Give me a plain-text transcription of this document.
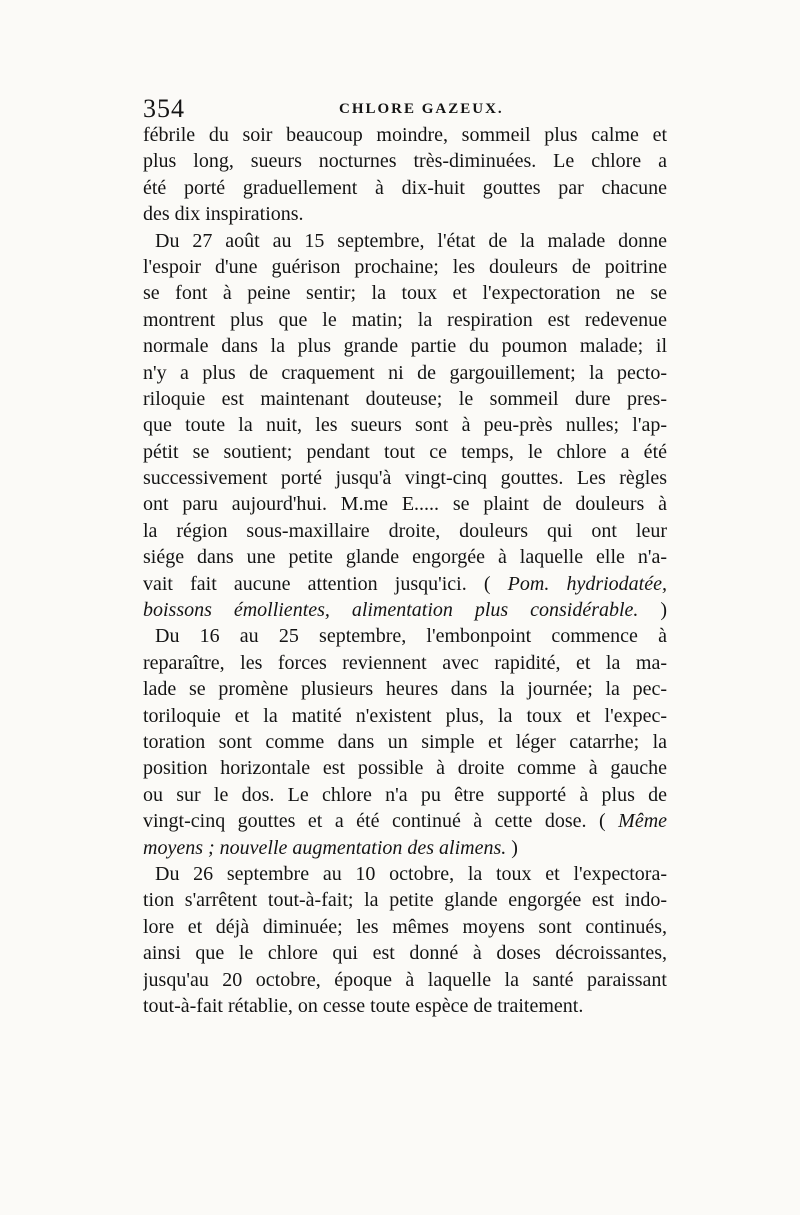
354	CHLORE GAZEUX.
fébrile du soir beaucoup moindre, sommeil plus calme et
plus long, sueurs nocturnes très-diminuées. Le chlore a
été porté graduellement à dix-huit gouttes par chacune
des dix inspirations.
Du 27 août au 15 septembre, l'état de la malade donne
l'espoir d'une guérison prochaine; les douleurs de poitrine
se font à peine sentir; la toux et l'expectoration ne se
montrent plus que le matin; la respiration est redevenue
normale dans la plus grande partie du poumon malade; il
n'y a plus de craquement ni de gargouillement; la pecto-
riloquie est maintenant douteuse; le sommeil dure pres-
que toute la nuit, les sueurs sont à peu-près nulles; l'ap-
pétit se soutient; pendant tout ce temps, le chlore a été
successivement porté jusqu'à vingt-cinq gouttes. Les règles
ont paru aujourd'hui. M.me E..... se plaint de douleurs à
la région sous-maxillaire droite, douleurs qui ont leur
siége dans une petite glande engorgée à laquelle elle n'a-
vait fait aucune attention jusqu'ici. ( Pom. hydriodatée,
boissons émollientes, alimentation plus considérable. )
Du 16 au 25 septembre, l'embonpoint commence à
reparaître, les forces reviennent avec rapidité, et la ma-
lade se promène plusieurs heures dans la journée; la pec-
toriloquie et la matité n'existent plus, la toux et l'expec-
toration sont comme dans un simple et léger catarrhe; la
position horizontale est possible à droite comme à gauche
ou sur le dos. Le chlore n'a pu être supporté à plus de
vingt-cinq gouttes et a été continué à cette dose. ( Même
moyens ; nouvelle augmentation des alimens. )
Du 26 septembre au 10 octobre, la toux et l'expectora-
tion s'arrêtent tout-à-fait; la petite glande engorgée est indo-
lore et déjà diminuée; les mêmes moyens sont continués,
ainsi que le chlore qui est donné à doses décroissantes,
jusqu'au 20 octobre, époque à laquelle la santé paraissant
tout-à-fait rétablie, on cesse toute espèce de traitement.
